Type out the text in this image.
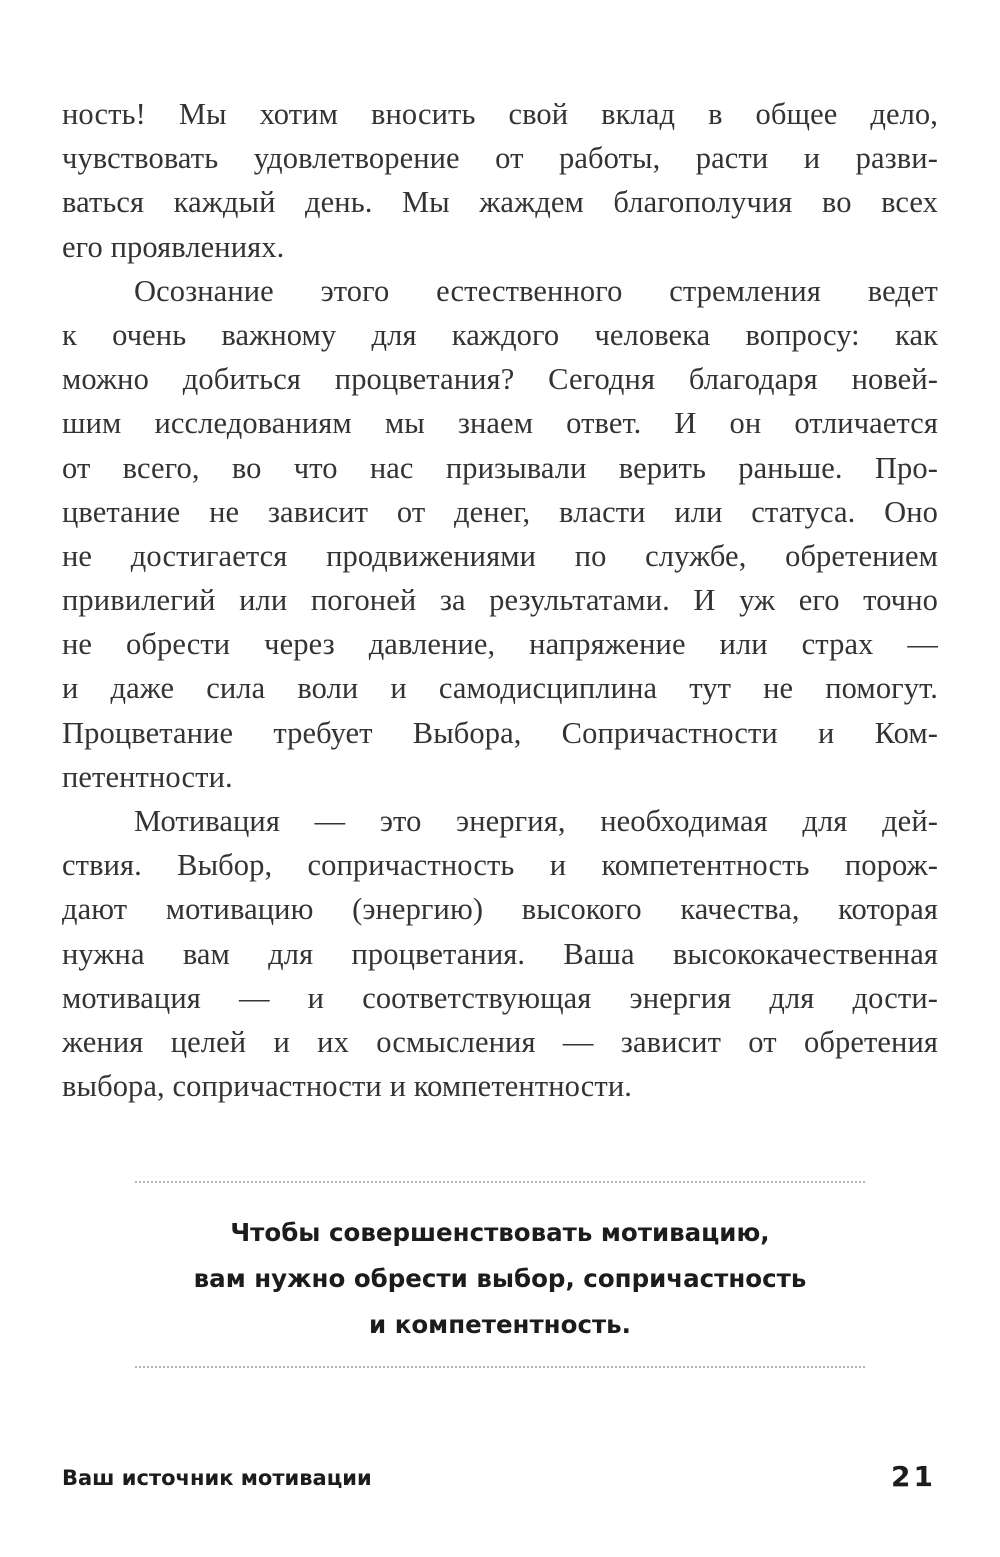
ность! Мы хотим вносить свой вклад в общее дело,
чувствовать удовлетворение от работы, расти и разви-
ваться каждый день. Мы жаждем благополучия во всех
его проявлениях.
Осознание этого естественного стремления ведет
к очень важному для каждого человека вопросу: как
можно добиться процветания? Сегодня благодаря новей-
шим исследованиям мы знаем ответ. И он отличается
от всего, во что нас призывали верить раньше. Про-
цветание не зависит от денег, власти или статуса. Оно
не достигается продвижениями по службе, обретением
привилегий или погоней за результатами. И уж его точно
не обрести через давление, напряжение или страх —
и даже сила воли и самодисциплина тут не помогут.
Процветание требует Выбора, Сопричастности и Ком-
петентности.
Мотивация — это энергия, необходимая для дей-
ствия. Выбор, сопричастность и компетентность порож-
дают мотивацию (энергию) высокого качества, которая
нужна вам для процветания. Ваша высококачественная
мотивация — и соответствующая энергия для дости-
жения целей и их осмысления — зависит от обретения
выбора, сопричастности и компетентности.
Чтобы совершенствовать мотивацию,
вам нужно обрести выбор, сопричастность
и компетентность.
Ваш источник мотивации	21
